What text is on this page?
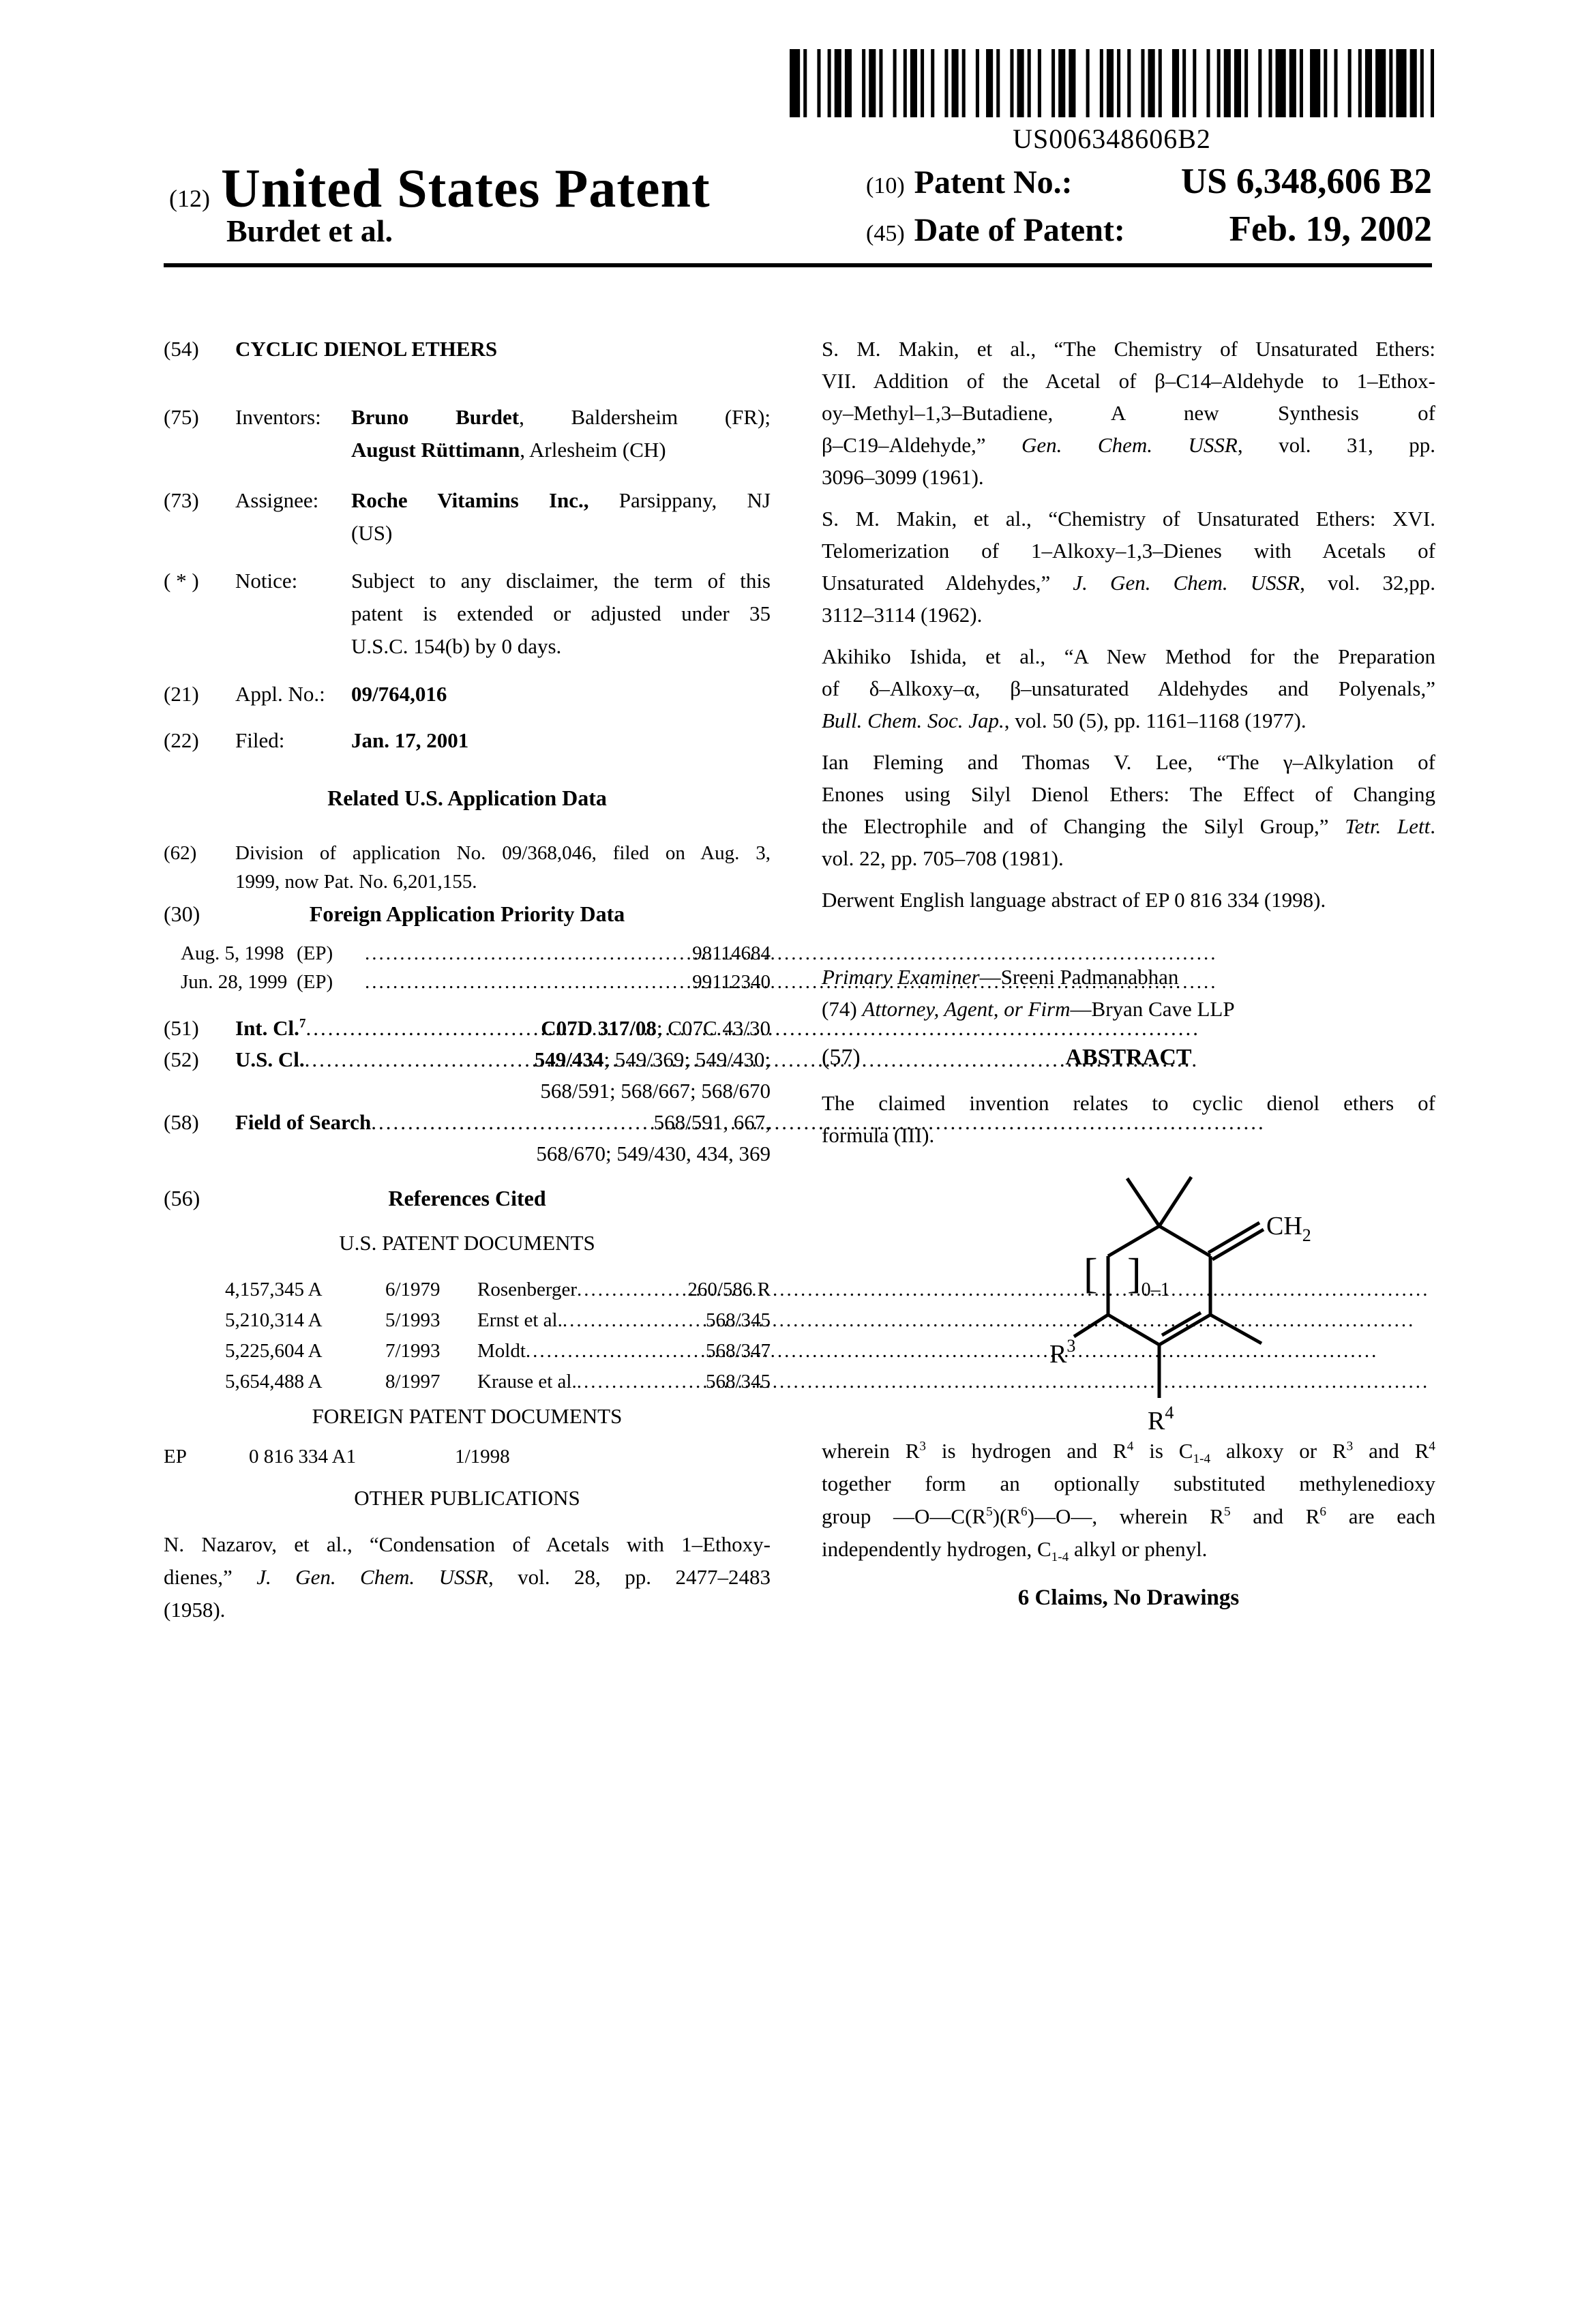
US006348606B2
(12) United States Patent
Burdet et al.
(10) Patent No.:	US 6,348,606 B2
(45) Date of Patent:	Feb. 19, 2002
(54)	CYCLIC DIENOL ETHERS
(75)	Inventors:	Bruno Burdet, Baldersheim (FR);
August Rüttimann, Arlesheim (CH)
(73)	Assignee:	Roche Vitamins Inc., Parsippany, NJ
(US)
( * )	Notice:	Subject to any disclaimer, the term of this
patent is extended or adjusted under 35
U.S.C. 154(b) by 0 days.
(21)	Appl. No.:	09/764,016
(22)	Filed:	Jan. 17, 2001
Related U.S. Application Data
(62)	Division of application No. 09/368,046, filed on Aug. 3,
1999, now Pat. No. 6,201,155.
(30)	Foreign Application Priority Data
Aug. 5, 1998 (EP) .....	98114684
Jun. 28, 1999 (EP) .....	99112340
(51)	Int. Cl.$^7$ .....	C07D 317/08; C07C 43/30
(52)	U.S. Cl. .....	549/434; 549/369; 549/430;
568/591; 568/667; 568/670
(58)	Field of Search .....	568/591, 667,
568/670; 549/430, 434, 369
(56)	References Cited
U.S. PATENT DOCUMENTS
4,157,345 A	6/1979	Rosenberger .....	260/586 R
5,210,314 A	5/1993	Ernst et al. .....	568/345
5,225,604 A	7/1993	Moldt .....	568/347
5,654,488 A	8/1997	Krause et al. .....	568/345
FOREIGN PATENT DOCUMENTS
EP	0 816 334 A1	1/1998
OTHER PUBLICATIONS
N. Nazarov, et al., “Condensation of Acetals with 1–Ethoxy-
dienes,” J. Gen. Chem. USSR, vol. 28, pp. 2477–2483
(1958).
S. M. Makin, et al., “The Chemistry of Unsaturated Ethers:
VII. Addition of the Acetal of β–C14–Aldehyde to 1–Ethox-
oy–Methyl–1,3–Butadiene, A new Synthesis of
β–C19–Aldehyde,” Gen. Chem. USSR, vol. 31, pp.
3096–3099 (1961).
S. M. Makin, et al., “Chemistry of Unsaturated Ethers: XVI.
Telomerization of 1–Alkoxy–1,3–Dienes with Acetals of
Unsaturated Aldehydes,” J. Gen. Chem. USSR, vol. 32,pp.
3112–3114 (1962).
Akihiko Ishida, et al., “A New Method for the Preparation
of δ–Alkoxy–α, β–unsaturated Aldehydes and Polyenals,”
Bull. Chem. Soc. Jap., vol. 50 (5), pp. 1161–1168 (1977).
Ian Fleming and Thomas V. Lee, “The γ–Alkylation of
Enones using Silyl Dienol Ethers: The Effect of Changing
the Electrophile and of Changing the Silyl Group,” Tetr. Lett.
vol. 22, pp. 705–708 (1981).
Derwent English language abstract of EP 0 816 334 (1998).
Primary Examiner—Sreeni Padmanabhan
(74) Attorney, Agent, or Firm—Bryan Cave LLP
(57)	ABSTRACT
The claimed invention relates to cyclic dienol ethers of
formula (III).
$CH_2$
$R^3$
$R^4$
[ ]0–1
wherein $R^3$ is hydrogen and $R^4$ is $C_{1-4}$ alkoxy or $R^3$ and $R^4$
together form an optionally substituted methylenedioxy
group $—O—C(R^5)(R^6)—O—$, wherein $R^5$ and $R^6$ are each
independently hydrogen, $C_{1-4}$ alkyl or phenyl.
6 Claims, No Drawings
